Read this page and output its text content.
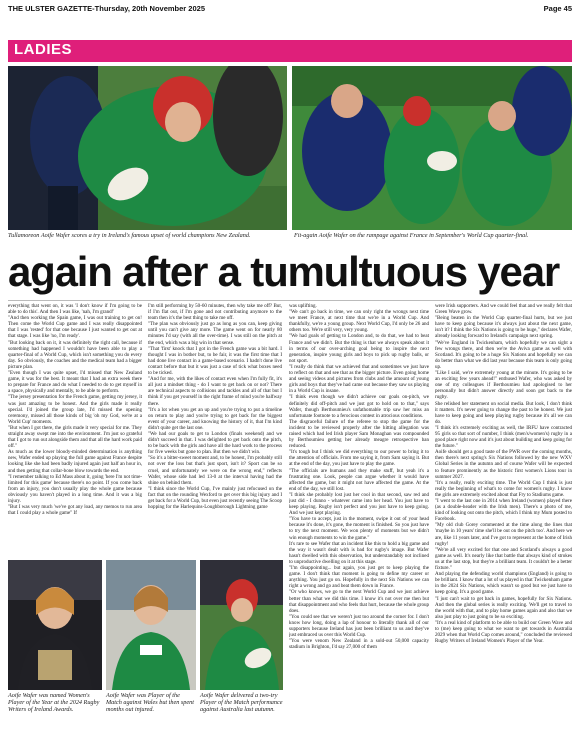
THE ULSTER GAZETTE-Thursday, 20th November 2025	Page 45
LADIES
Tullamoreon Aoife Wafer scores a try in Ireland's famous upset of world champions New Zealand.	Fit-again Aoife Wafer on the rampage against France in September's World Cup quarter-final.
again after a tumultuous year

everything that went on, it was 'I don't know if I'm going to be able to do this'. And then I was like, 'nah, I'm grand!'

"And then working the Spain game, I was out training to get on! Then come the World Cup game and I was really disappointed that I was 'rested' for that one because I just wanted to get out at that stage. I was like 'no, I'm ready'.

"But looking back on it, it was definitely the right call, because if something had happened I wouldn't have been able to play a quarter-final of a World Cup, which isn't something you do every day. So obviously, the coaches and the medical team had a bigger picture plan.

"Even though I was quite upset, I'd missed that New Zealand game, it was for the best. It meant that I had an extra week there to prepare for France and do what I needed to do to get myself in a space, physically and mentally, to be able to perform.

"The jersey presentation for the French game, getting my jersey, it was just amazing to be honest. And the girls made it really special. I'd joined the group late, I'd missed the opening ceremony, missed all those kinds of big 'oh my God, we're at a World Cup' moments.

"But when I got there, the girls made it very special for me. They straight away swept me into the environment. I'm just so grateful that I got to run out alongside them and that all the hard work paid off."

As much as the lower bloody-minded determination is anything new, Wafer ended up playing the full game against France despite looking like she had been badly injured again just half an hour in, and then getting that collar-bone blow towards the end.

"I remember talking to Ed Mass about it, going 'here I'm not time-limited for this game' because there's no point. If you come back from an injury, you don't usually play the whole game because obviously you haven't played in a long time. And it was a big injury.

"But I was very much 'we've got any load, any memos to run area that I could play a whole game" If

I'm still performing by 50-60 minutes, then why take me off? But, if I'm flat out, if I'm gone and not contributing anymore to the team then it's the best thing to take me off.

"The plan was obviously just go as long as you can, keep giving until you can't give any more. The game went on for nearly 80 minutes I'd say (with all the over-time). I was still on the pitch at the end, which was a big win in that sense.

"That 'first' knock that I got in the French game was a bit hard. I thought I was in bother but, to be fair, it was the first time that I had done live contact in a game-based scenario. I hadn't done live contact before that but it was just a case of tick what boxes need to be ticked.

"And for me, with the likes of contact even when I'm fully fit, it's all just a mindset thing - do I want to get back on or not? There are technical aspects to collisions and tackles and all of that but I think if you get yourself in the right frame of mind you're halfway there.

"It's a lot when you get an up and you're trying to put a timeline on return to play and you're trying to get back for the biggest event of your career, and knowing the history of it, that I'm kind didn't quite get the last one.

"We had our goals to get to London (finals weekend) and we didn't succeed in that. I was delighted to get back onto the pitch, to be back with the girls and have all the hard work to the process for five weeks but gone to plan. But then we didn't win.

"So it's a bitter-sweet moment and, to be honest, I'm probably still not over the loss but that's just sport, isn't it? Sport can be so cruel, and unfortunately we were on the wrong end," reflects Wafer, whose side had led 13-0 at the interval having had the shine on behind them.

"I think since the World Cup, I've mainly just refocused on the fact that on the rounding Wexford to get over this big injury and I get back for a World Cup, but even just recently seeing The Scoop hopping for the Harlequins-Loughborough Lightning game

was uplifting.

"We can't go back in time, we can only right the wrongs next time we meet France, at next time that we're in a World Cup. And thankfully, we're a young group. Next World Cup, I'd only be 26 and others too. We're still very, very young.

"We had goals of getting to London and, to do that, we had to beat France and we didn't. But the thing is that we always speak about it in terms of our over-arching goal being to inspire the next generation, inspire young girls and boys to pick up rugby balls, or not sport.

"I really do think that we achieved that and sometimes we just have to reflect on that and see that as the bigger picture. Even going home and seeing videos and pictures from clubs and the amount of young girls and boys that they've had came out because they saw us playing in a World Cup is insane.

"I think even though we didn't achieve our goals on-pitch, we definitely did off-pitch and we just got to hold on to that," says Wafer, though Berthoumieu's unfathomable trip saw her miss an unfortunate footnote to a ferocious contest in atrocious conditions.

The disgraceful failure of the referee to stop the game for the incident to be reviewed properly after the hitting allegation was raised which had led Irish player Sam Monaghan was compounded by Berthoumieu getting her already meagre retrospective ban reduced.

"It's tough but I think we did everything to our power to bring it to the attention of officials. From me saying it, from Sam saying it. But at the end of the day, you just have to play the game.

"The officials are humans and they make stuff, but yeah it's a frustrating one. Look, people can argue whether it would have affected the game, but it might not have affected the game. At the end of the day, we still lost.

"I think she probably lost just her cool in that second, saw red and just did - I dunno - whatever came into her head. You just have to keep playing. Rugby isn't perfect and you just have to keep going. And we just kept playing.

"You have to accept, just in the moment, swipe it out of your head because it's done, it's gone, the moment is finished. So you just have to try the next moment. We won plenty of moments but we didn't win enough moments to win the game."

It's rare to see Wafer that an incident like this to hold a big game and the way it wasn't dealt with is bad for rugby's image. But Wafer hasn't dwelled with this observation, but understandably not inclined to unproductive dwelling on it at this stage.

"I'm disappointing... but again, you just get to keep playing the game. I don't think that moment is going to define my career or anything. You just go on. Hopefully in the next Six Nations we can right a wrong and go and beat them down in France.

"Or who knows, we go to the next World Cup and we just achieve better than what we did this time. I know it's not over me then but that disappointment and who feels that hurt, because the whole group does.

"You could see that we weren't just too around the corner for. I don't know how long, doing a lap of honour to literally thank all of our supporters because Ireland has just been brilliant to us and they've just embraced us over this World Cup.

"You were venom New Zealand in a sold-out 50,000 capacity stadium in Brighton, I'd say 27,000 of them

were Irish supporters. And we could feel that and we really felt that Green Wave grow.

"Being beaten in the World Cup quarter-final hurts, but we just have to keep going because it's always just about the next game, isn't it? I think the Six Nations is going to be huge," declares Wafer, already looking forward to Ireland's campaign next spring.

"We've England in Twickenham, which hopefully we can sight a few wrongs there, and then we're the Aviva game as well with Scotland. It's going to be a huge Six Nations and hopefully we can do better than what we did last year because this team is only going up.

"Like I said, we're extremely young at the minute. It's going to be an exciting few years ahead!" enthused Wafer, who was asked by one of my colleagues if Berthoumieu had apologised to her personally but didn't answer directly and soon got back to the rugby.

She relished her statement on social media. But look, I don't think it matters. It's never going to change the past to be honest. We just have to keep going and keep playing rugby because it's all we can do.

"I think it's extremely exciting as well, the IRFU have contracted 95 girls so that sort of number, I think (men's/women's) rugby in a good place right now and it's just about building and keep going for the future."

Aoife should get a good taste of the PWR over the coming months, then there's next spring's Six Nations followed by the new WXV Global Series in the autumn and of course Wafer will be expected to feature prominently as the historic first women's Lions tour in summer 2027.

"It's a really, really exciting time. The World Cup I think is just really the beginning of what's to come for women's rugby. I know the girls are extremely excited about that Fry to Stadiums game.

"I went to the last one in 2014 when Ireland (women) played there (as a double-header with the Irish men). There's a photo of me, kind of looking out onto the pitch, which I think my Mum posted to Facebook.

"My old club Gorey commented at the time along the lines that 'maybe in 10 years' time she'll be out on the pitch too'. And here we are, like 11 years later, and I've got to represent at the home of Irish rugby!

"We're all very excited for that one and Scotland's always a good game as well. It's nearly like that battle that always kind of strokes us at the last stop, but they're a brilliant team. It couldn't be a better fixture."

And playing the defending world champions (England) is going to be brilliant. I know that a lot of us played in that Twickenham game in the 2024 Six Nations, which wasn't so good but we just have to keep going. It's a good game.

"I just can't wait to get back in games, hopefully for Six Nations. And then the global series is really exciting. We'll get to travel to the world with that, and to play home games again and also that we also just play to just going to be so exciting.

"It's a real kind of platform to be able to build our Green Wave and to (me) keep going to what we want to get towards in Australia 2029 when that World Cup comes around," concluded the reviewed Rugby Writers of Ireland Women's Player of the Year.

Aoife Wafer was named Women's Player of the Year at the 2024 Rugby Writers of Ireland Awards.
Aoife Wafer was Player of the Match against Wales but then spent months out injured.
Aoife Wafer delivered a two-try Player of the Match performance against Australia last autumn.
